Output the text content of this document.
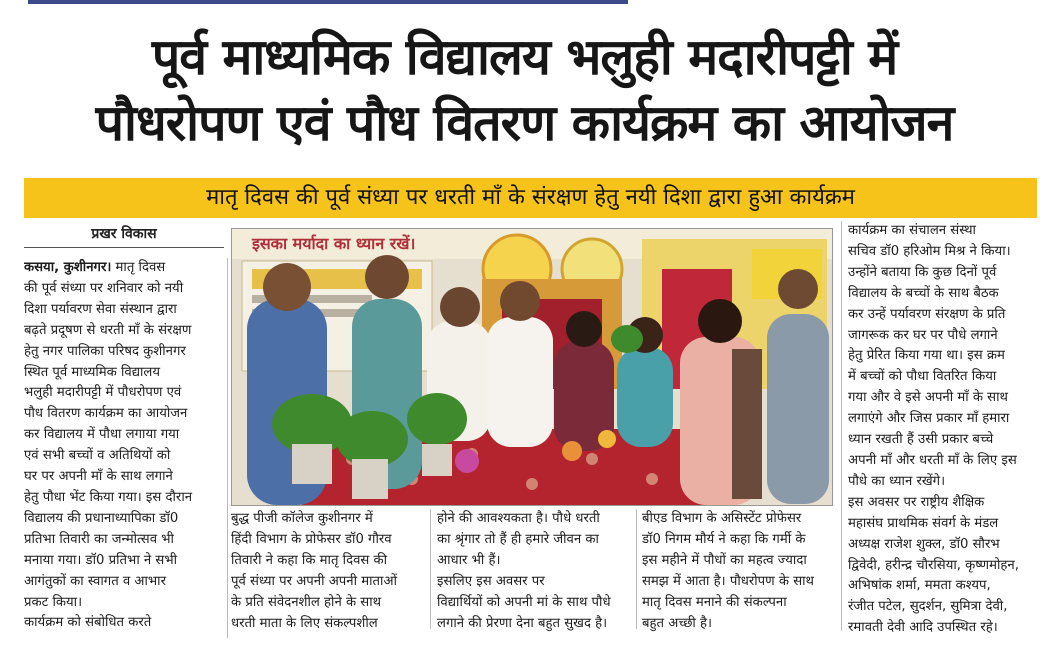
पूर्व माध्यमिक विद्यालय भलुही मदारीपट्टी में
पौधरोपण एवं पौध वितरण कार्यक्रम का आयोजन
मातृ दिवस की पूर्व संध्या पर धरती माँ के संरक्षण हेतु नयी दिशा द्वारा हुआ कार्यक्रम
प्रखर विकास
कसया, कुशीनगर। मातृ दिवस
की पूर्व संध्या पर शनिवार को नयी
दिशा पर्यावरण सेवा संस्थान द्वारा
बढ़ते प्रदूषण से धरती माँ के संरक्षण
हेतु नगर पालिका परिषद कुशीनगर
स्थित पूर्व माध्यमिक विद्यालय
भलुही मदारीपट्टी में पौधरोपण एवं
पौध वितरण कार्यक्रम का आयोजन
कर विद्यालय में पौधा लगाया गया
एवं सभी बच्चों व अतिथियों को
घर पर अपनी माँ के साथ लगाने
हेतु पौधा भेंट किया गया। इस दौरान
विद्यालय की प्रधानाध्यापिका डॉ0
प्रतिभा तिवारी का जन्मोत्सव भी
मनाया गया। डॉ0 प्रतिभा ने सभी
आगंतुकों का स्वागत व आभार
प्रकट किया।
कार्यक्रम को संबोधित करते
इसका मर्यादा का ध्यान रखें।
बुद्ध पीजी कॉलेज कुशीनगर में
हिंदी विभाग के प्रोफेसर डॉ0 गौरव
तिवारी ने कहा कि मातृ दिवस की
पूर्व संध्या पर अपनी अपनी माताओं
के प्रति संवेदनशील होने के साथ
धरती माता के लिए संकल्पशील
होने की आवश्यकता है। पौधे धरती
का श्रृंगार तो हैं ही हमारे जीवन का
आधार भी हैं।
इसलिए इस अवसर पर
विद्यार्थियों को अपनी मां के साथ पौधे
लगाने की प्रेरणा देना बहुत सुखद है।
बीएड विभाग के असिस्टेंट प्रोफेसर
डॉ0 निगम मौर्य ने कहा कि गर्मी के
इस महीने में पौधों का महत्व ज्यादा
समझ में आता है। पौधरोपण के साथ
मातृ दिवस मनाने की संकल्पना
बहुत अच्छी है।
कार्यक्रम का संचालन संस्था
सचिव डॉ0 हरिओम मिश्र ने किया।
उन्होंने बताया कि कुछ दिनों पूर्व
विद्यालय के बच्चों के साथ बैठक
कर उन्हें पर्यावरण संरक्षण के प्रति
जागरूक कर घर पर पौधे लगाने
हेतु प्रेरित किया गया था। इस क्रम
में बच्चों को पौधा वितरित किया
गया और वे इसे अपनी माँ के साथ
लगाएंगे और जिस प्रकार माँ हमारा
ध्यान रखती हैं उसी प्रकार बच्चे
अपनी माँ और धरती माँ के लिए इस
पौधे का ध्यान रखेंगे।
इस अवसर पर राष्ट्रीय शैक्षिक
महासंघ प्राथमिक संवर्ग के मंडल
अध्यक्ष राजेश शुक्ल, डॉ0 सौरभ
द्विवेदी, हरीन्द्र चौरसिया, कृष्णमोहन,
अभिषांक शर्मा, ममता कश्यप,
रंजीत पटेल, सुदर्शन, सुमित्रा देवी,
रमावती देवी आदि उपस्थित रहे।
